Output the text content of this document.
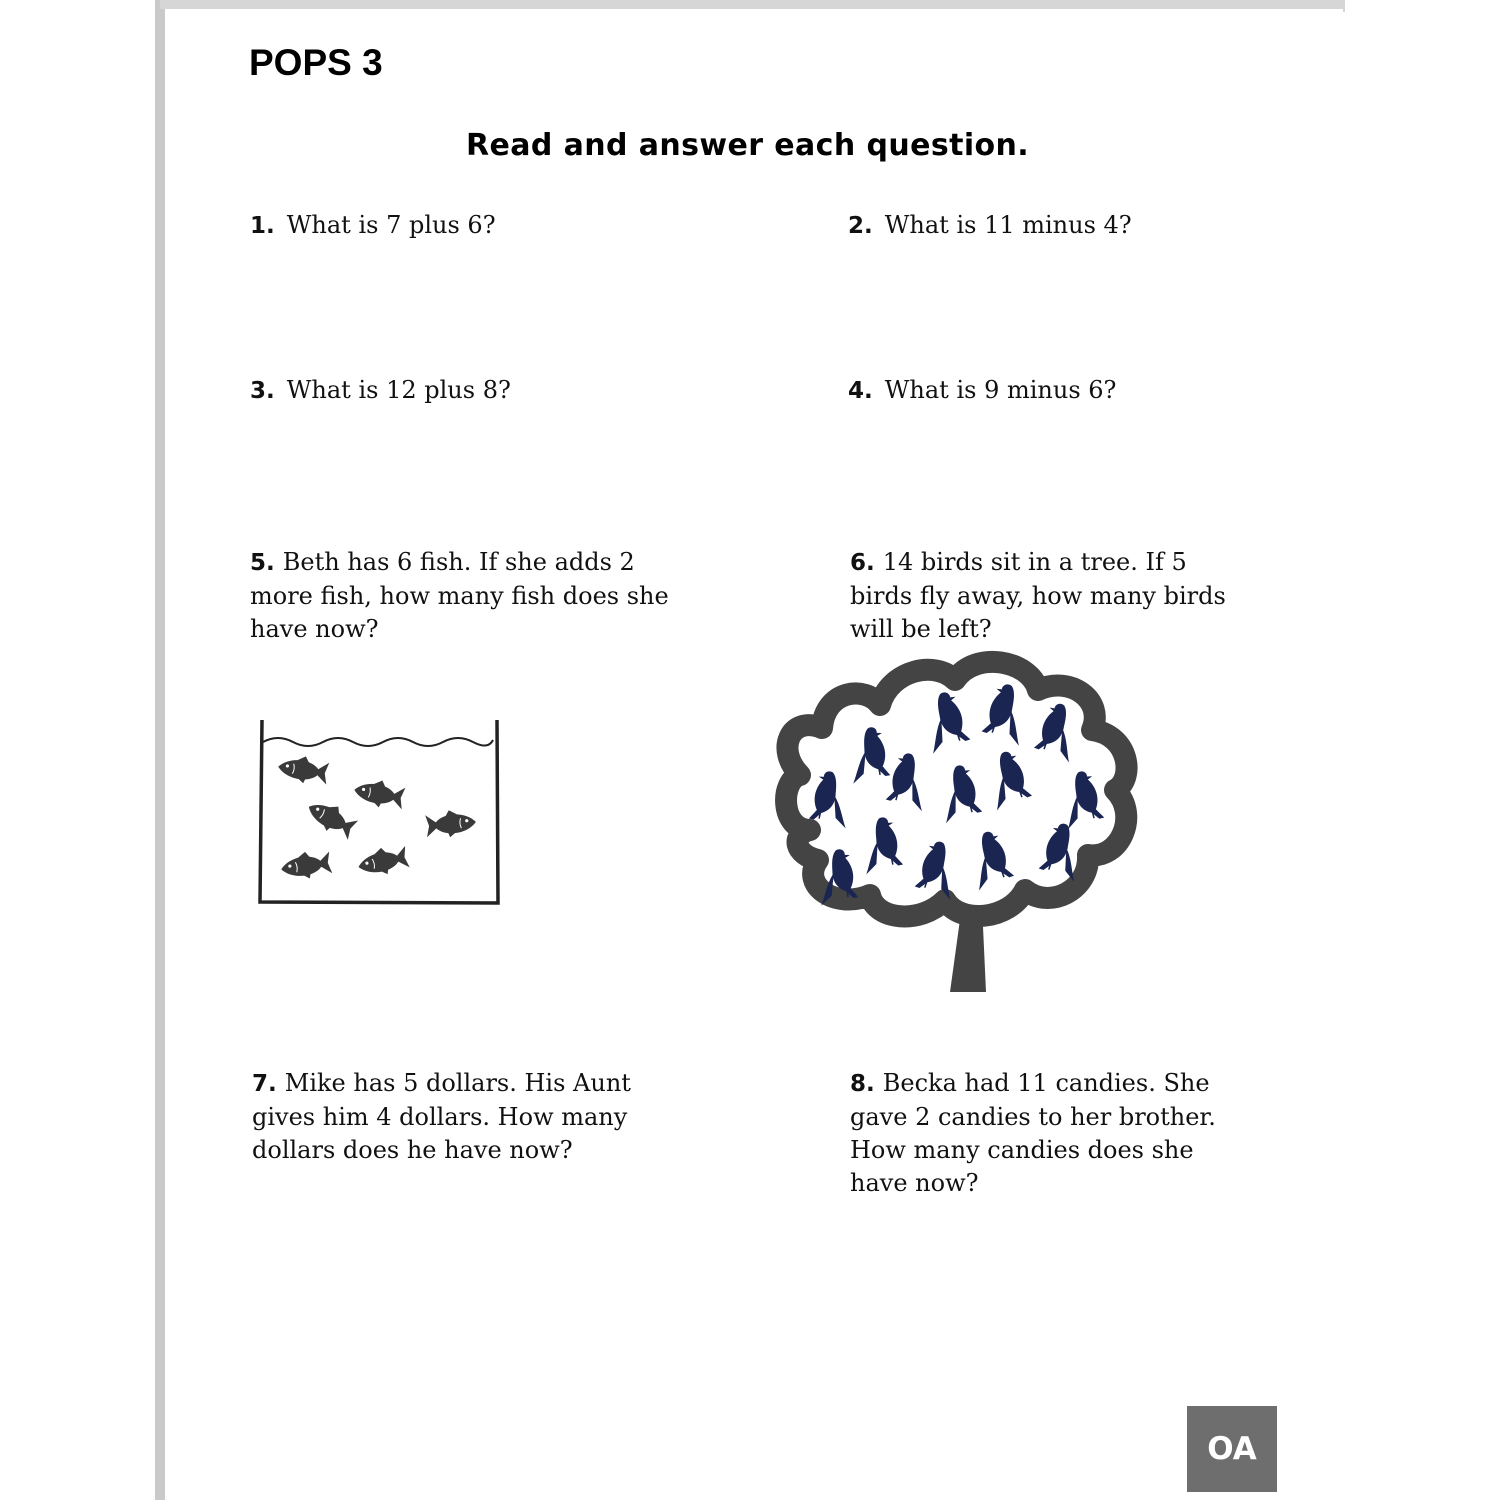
POPS 3
Read and answer each question.
1. What is 7 plus 6?	2. What is 11 minus 4?
3. What is 12 plus 8?	4. What is 9 minus 6?
5. Beth has 6 fish. If she adds 2 more fish, how many fish does she have now?
6. 14 birds sit in a tree. If 5 birds fly away, how many birds will be left?
7. Mike has 5 dollars. His Aunt gives him 4 dollars. How many dollars does he have now?
8. Becka had 11 candies. She gave 2 candies to her brother. How many candies does she have now?
OA
